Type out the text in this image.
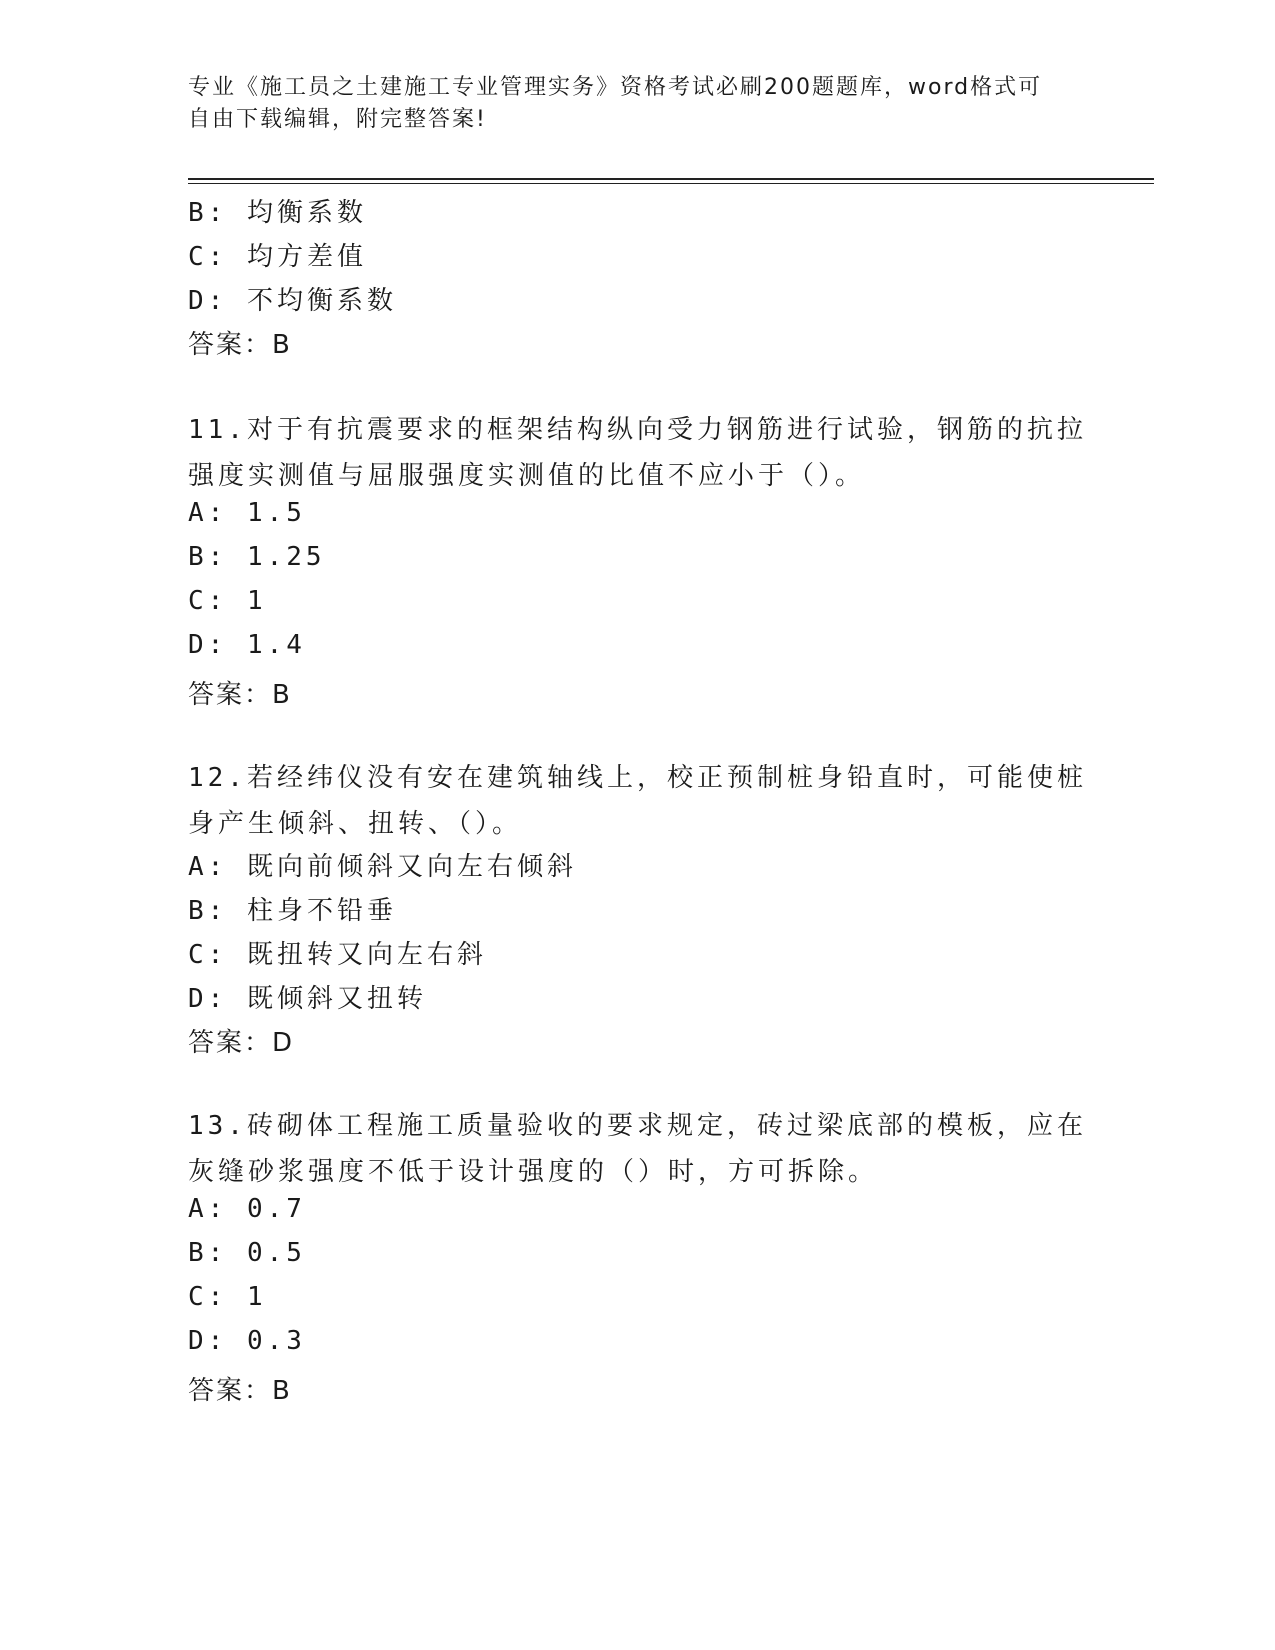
专业《施工员之土建施工专业管理实务》资格考试必刷200题题库，word格式可
自由下载编辑，附完整答案!
B: 均衡系数
C: 均方差值
D: 不均衡系数
答案：B
11.对于有抗震要求的框架结构纵向受力钢筋进行试验，钢筋的抗拉强度实测值与屈服强度实测值的比值不应小于（）。
A: 1.5
B: 1.25
C: 1
D: 1.4
答案：B
12.若经纬仪没有安在建筑轴线上，校正预制桩身铅直时，可能使桩身产生倾斜、扭转、（）。
A: 既向前倾斜又向左右倾斜
B: 柱身不铅垂
C: 既扭转又向左右斜
D: 既倾斜又扭转
答案：D
13.砖砌体工程施工质量验收的要求规定，砖过梁底部的模板，应在灰缝砂浆强度不低于设计强度的（）时，方可拆除。
A: 0.7
B: 0.5
C: 1
D: 0.3
答案：B
